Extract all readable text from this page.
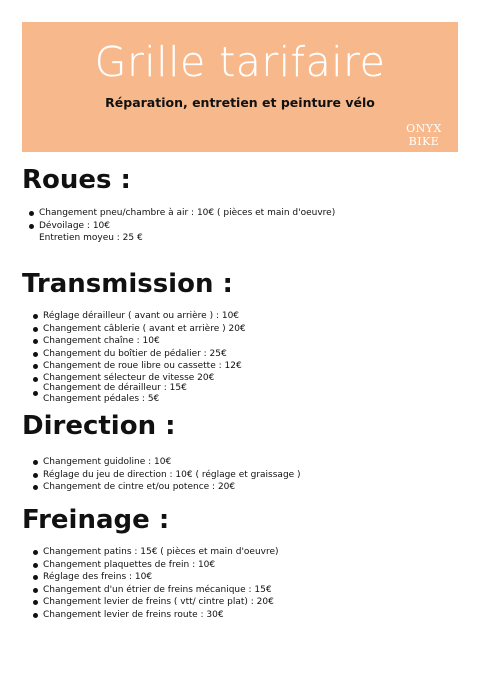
Grille tarifaire
Réparation, entretien et peinture vélo
ONYX
BIKE
Roues :
Changement pneu/chambre à air : 10€ ( pièces et main d'oeuvre)
Dévoilage : 10€
Entretien moyeu : 25 €
Transmission :
Réglage dérailleur ( avant ou arrière ) : 10€
Changement câblerie ( avant et arrière ) 20€
Changement chaîne : 10€
Changement du boîtier de pédalier : 25€
Changement de roue libre ou cassette : 12€
Changement sélecteur de vitesse 20€
Changement de dérailleur : 15€
Changement pédales : 5€
Direction :
Changement guidoline : 10€
Réglage du jeu de direction : 10€ ( réglage et graissage )
Changement de cintre et/ou potence : 20€
Freinage :
Changement patins : 15€ ( pièces et main d'oeuvre)
Changement plaquettes de frein : 10€
Réglage des freins : 10€
Changement d'un étrier de freins mécanique : 15€
Changement levier de freins ( vtt/ cintre plat) : 20€
Changement levier de freins route : 30€
